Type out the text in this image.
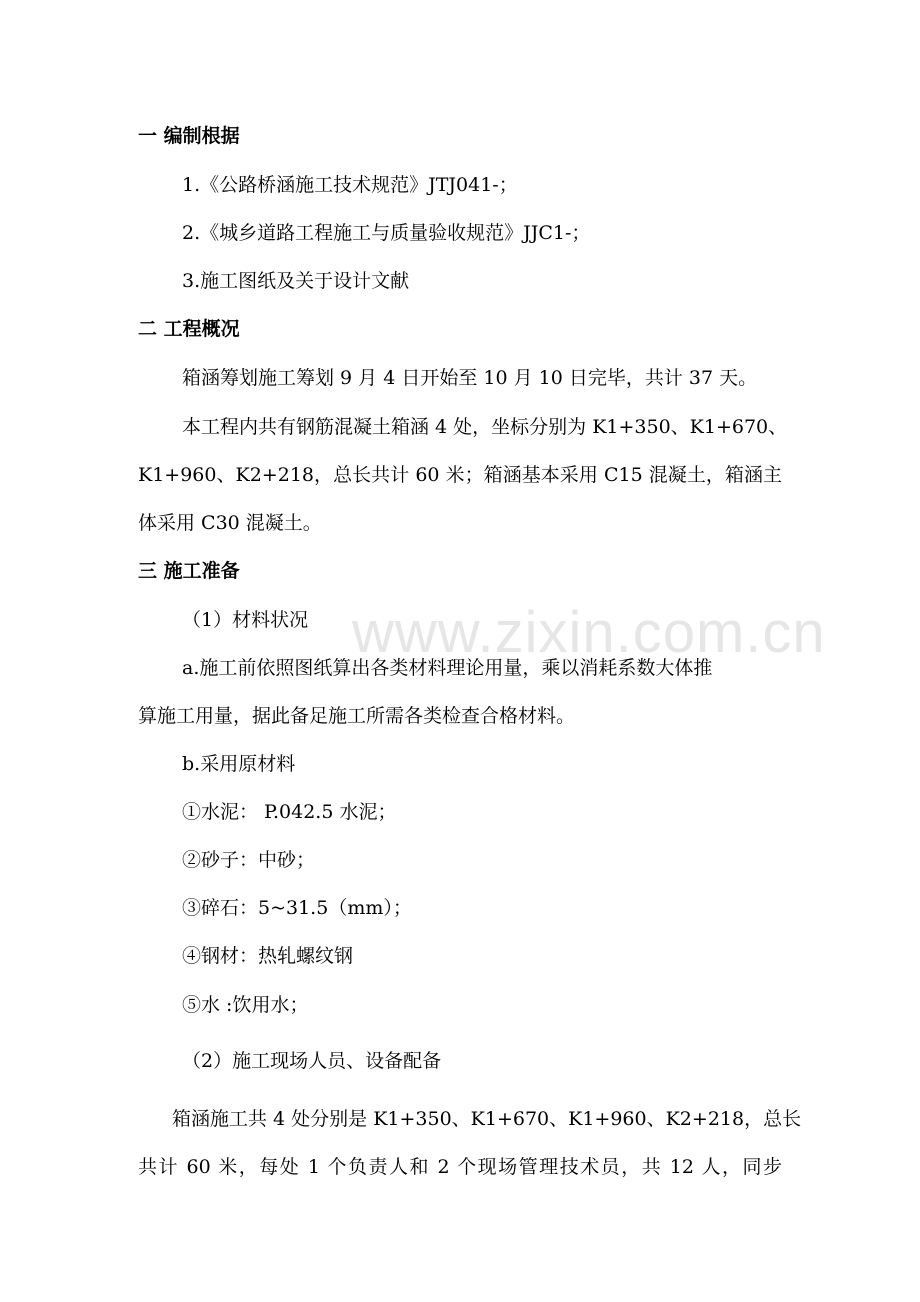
www.zixin.com.cn
一 编制根据
1.《公路桥涵施工技术规范》JTJ041-；
2.《城乡道路工程施工与质量验收规范》JJC1-；
3.施工图纸及关于设计文献
二 工程概况
箱涵筹划施工筹划 9 月 4 日开始至 10 月 10 日完毕，共计 37 天。
本工程内共有钢筋混凝土箱涵 4 处，坐标分别为 K1+350、K1+670、
K1+960、K2+218，总长共计 60 米；箱涵基本采用 C15 混凝土，箱涵主
体采用 C30 混凝土。
三 施工准备
（1）材料状况
a.施工前依照图纸算出各类材料理论用量，乘以消耗系数大体推
算施工用量，据此备足施工所需各类检查合格材料。
b.采用原材料
①水泥： P.042.5 水泥；
②砂子：中砂；
③碎石：5~31.5（mm）；
④钢材：热轧螺纹钢
⑤水 :饮用水；
（2）施工现场人员、设备配备
箱涵施工共 4 处分别是 K1+350、K1+670、K1+960、K2+218，总长
共计 60 米，每处 1 个负责人和 2 个现场管理技术员，共 12 人，同步
